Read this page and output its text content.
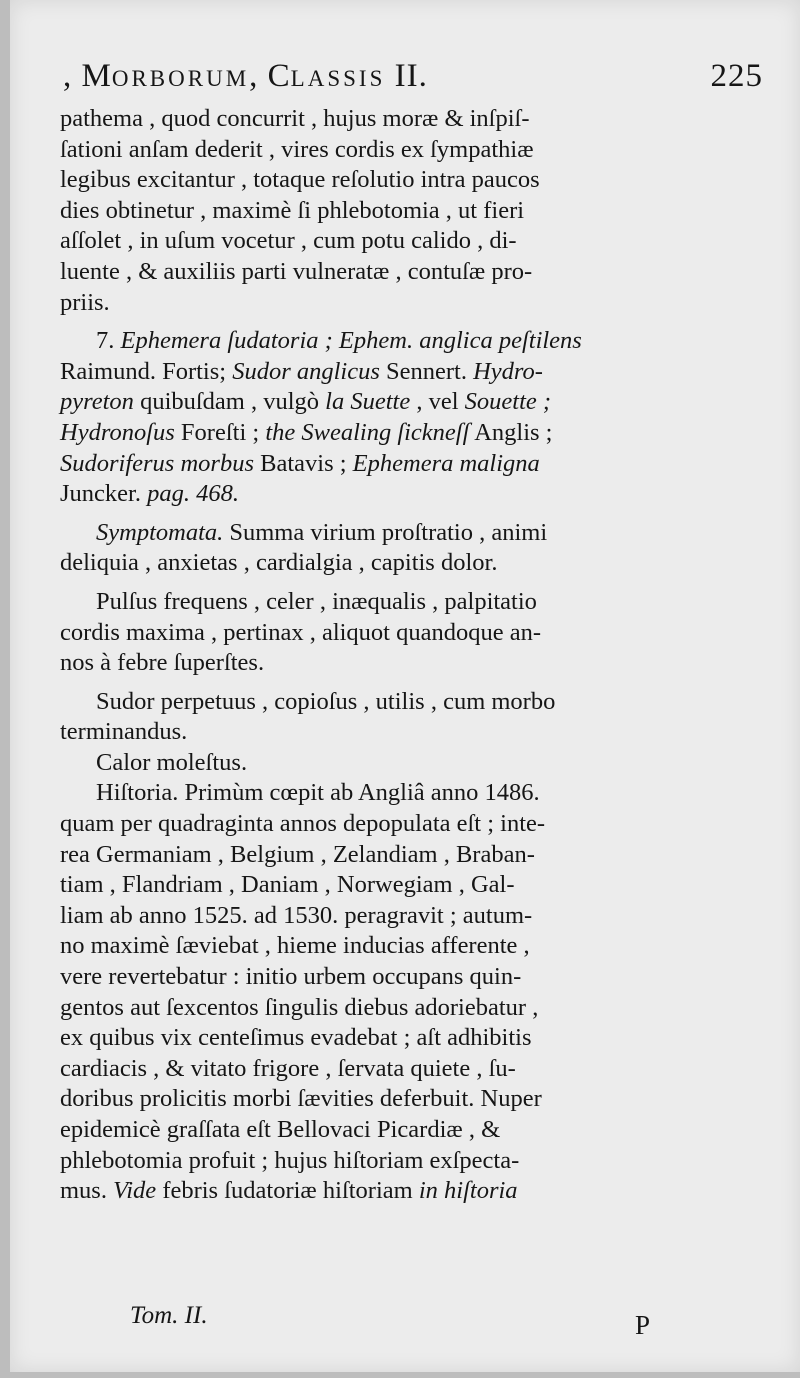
, MORBORUM, CLASSIS II.	225
pathema , quod concurrit , hujus moræ & inſpiſ-
ſationi anſam dederit , vires cordis ex ſympathiæ
legibus excitantur , totaque reſolutio intra paucos
dies obtinetur , maximè ſi phlebotomia , ut fieri
aſſolet , in uſum vocetur , cum potu calido , di-
luente , & auxiliis parti vulneratæ , contuſæ pro-
priis.
7. Ephemera ſudatoria ; Ephem. anglica peſtilens
Raimund. Fortis; Sudor anglicus Sennert. Hydro-
pyreton quibuſdam , vulgò la Suette , vel Souette ;
Hydronoſus Foreſti ; the Swealing ſickneſſ Anglis ;
Sudoriferus morbus Batavis ; Ephemera maligna
Juncker. pag. 468.
Symptomata. Summa virium proſtratio , animi
deliquia , anxietas , cardialgia , capitis dolor.
Pulſus frequens , celer , inæqualis , palpitatio
cordis maxima , pertinax , aliquot quandoque an-
nos à febre ſuperſtes.
Sudor perpetuus , copioſus , utilis , cum morbo
terminandus.
Calor moleſtus.
Hiſtoria. Primùm cœpit ab Angliâ anno 1486.
quam per quadraginta annos depopulata eſt ; inte-
rea Germaniam , Belgium , Zelandiam , Braban-
tiam , Flandriam , Daniam , Norwegiam , Gal-
liam ab anno 1525. ad 1530. peragravit ; autum-
no maximè ſæviebat , hieme inducias afferente ,
vere revertebatur : initio urbem occupans quin-
gentos aut ſexcentos ſingulis diebus adoriebatur ,
ex quibus vix centeſimus evadebat ; aſt adhibitis
cardiacis , & vitato frigore , ſervata quiete , ſu-
doribus prolicitis morbi ſævities deferbuit. Nuper
epidemicè graſſata eſt Bellovaci Picardiæ , &
phlebotomia profuit ; hujus hiſtoriam exſpecta-
mus. Vide febris ſudatoriæ hiſtoriam in hiſtoria
Tom. II.	P
